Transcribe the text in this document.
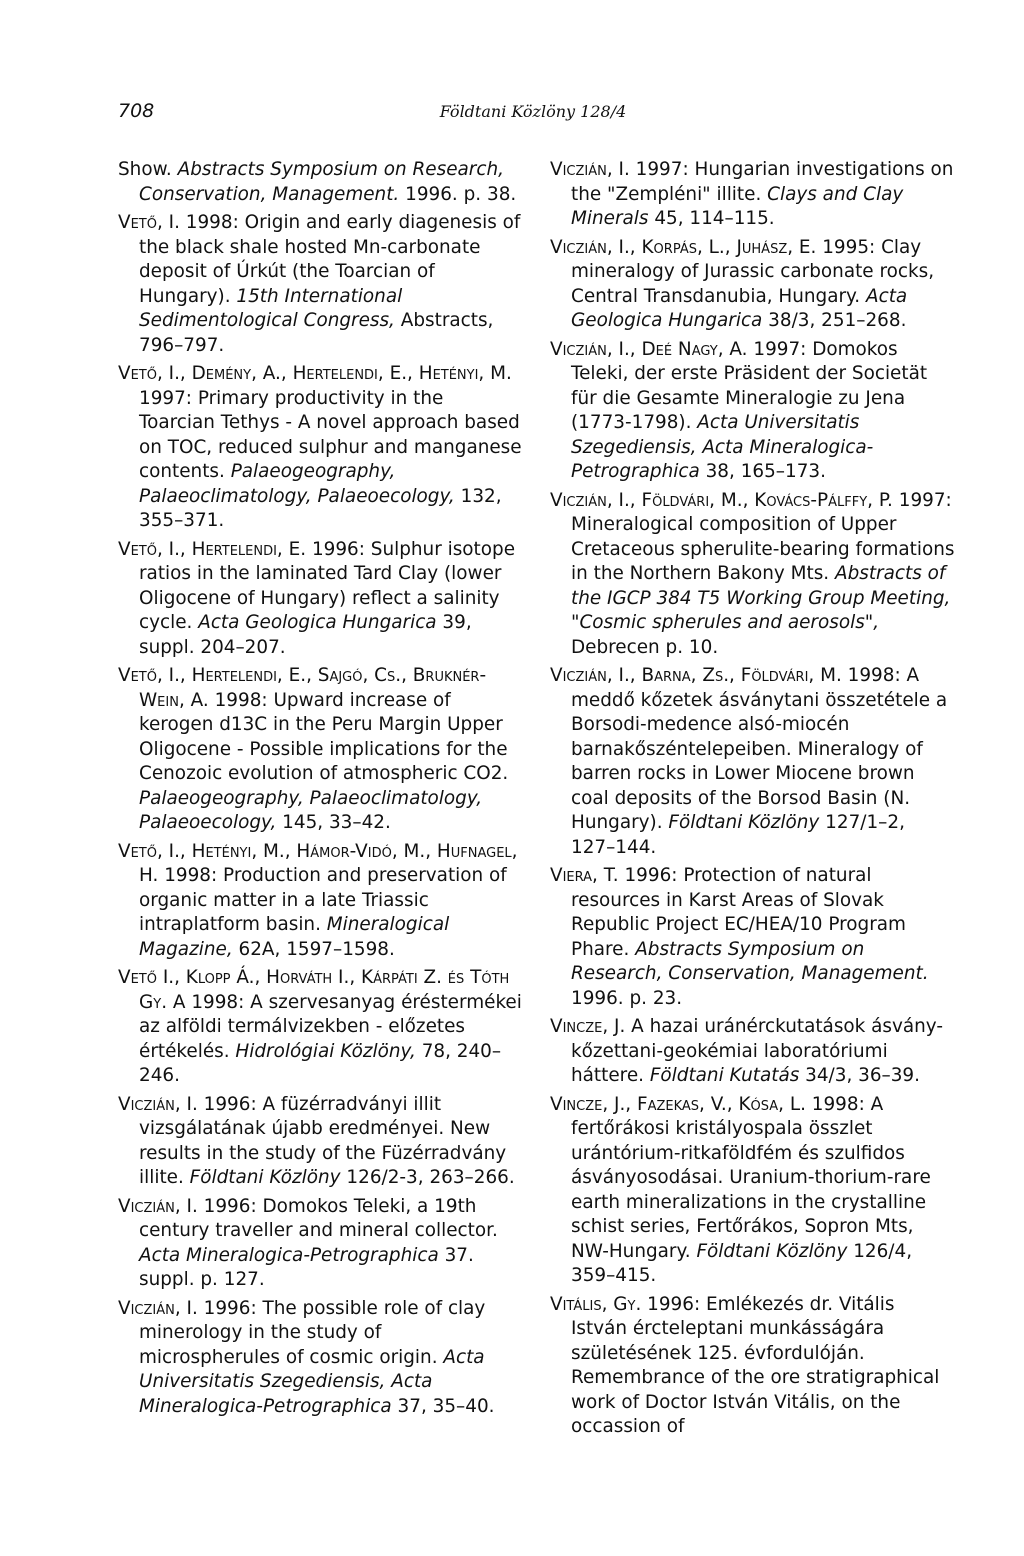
708	Földtani Közlöny 128/4

Show. Abstracts Symposium on Research, Conservation, Management. 1996. p. 38.

Vető, I. 1998: Origin and early diagenesis of the black shale hosted Mn-carbonate deposit of Úrkút (the Toarcian of Hungary). 15th International Sedimentological Congress, Abstracts, 796–797.

Vető, I., Demény, A., Hertelendi, E., Hetényi, M. 1997: Primary productivity in the Toarcian Tethys - A novel approach based on TOC, reduced sulphur and manganese contents. Palaeogeography, Palaeoclimatology, Palaeoecology, 132, 355–371.

Vető, I., Hertelendi, E. 1996: Sulphur isotope ratios in the laminated Tard Clay (lower Oligocene of Hungary) reflect a salinity cycle. Acta Geologica Hungarica 39, suppl. 204–207.

Vető, I., Hertelendi, E., Sajgó, Cs., Bruknér-Wein, A. 1998: Upward increase of kerogen d13C in the Peru Margin Upper Oligocene - Possible implications for the Cenozoic evolution of atmospheric CO2. Palaeogeography, Palaeoclimatology, Palaeoecology, 145, 33–42.

Vető, I., Hetényi, M., Hámor-Vidó, M., Hufnagel, H. 1998: Production and preservation of organic matter in a late Triassic intraplatform basin. Mineralogical Magazine, 62A, 1597–1598.

Vető I., Klopp Á., Horváth I., Kárpáti Z. és Tóth Gy. A 1998: A szervesanyag éréstermékei az alföldi termálvizekben - előzetes értékelés. Hidrológiai Közlöny, 78, 240–246.

Viczián, I. 1996: A füzérradványi illit vizsgálatának újabb eredményei. New results in the study of the Füzérradvány illite. Földtani Közlöny 126/2-3, 263–266.

Viczián, I. 1996: Domokos Teleki, a 19th century traveller and mineral collector. Acta Mineralogica-Petrographica 37. suppl. p. 127.

Viczián, I. 1996: The possible role of clay minerology in the study of microspherules of cosmic origin. Acta Universitatis Szegediensis, Acta Mineralogica-Petrographica 37, 35–40.

Viczián, I. 1997: Hungarian investigations on the "Zempléni" illite. Clays and Clay Minerals 45, 114–115.

Viczián, I., Korpás, L., Juhász, E. 1995: Clay mineralogy of Jurassic carbonate rocks, Central Transdanubia, Hungary. Acta Geologica Hungarica 38/3, 251–268.

Viczián, I., Deé Nagy, A. 1997: Domokos Teleki, der erste Präsident der Societät für die Gesamte Mineralogie zu Jena (1773-1798). Acta Universitatis Szegediensis, Acta Mineralogica-Petrographica 38, 165–173.

Viczián, I., Földvári, M., Kovács-Pálffy, P. 1997: Mineralogical composition of Upper Cretaceous spherulite-bearing formations in the Northern Bakony Mts. Abstracts of the IGCP 384 T5 Working Group Meeting, "Cosmic spherules and aerosols", Debrecen p. 10.

Viczián, I., Barna, Zs., Földvári, M. 1998: A meddő kőzetek ásványtani összetétele a Borsodi-medence alsó-miocén barnakőszéntelepeiben. Mineralogy of barren rocks in Lower Miocene brown coal deposits of the Borsod Basin (N. Hungary). Földtani Közlöny 127/1–2, 127–144.

Viera, T. 1996: Protection of natural resources in Karst Areas of Slovak Republic Project EC/HEA/10 Program Phare. Abstracts Symposium on Research, Conservation, Management. 1996. p. 23.

Vincze, J. A hazai uránérckutatások ásvány-kőzettani-geokémiai laboratóriumi háttere. Földtani Kutatás 34/3, 36–39.

Vincze, J., Fazekas, V., Kósa, L. 1998: A fertőrákosi kristályospala összlet urántórium-ritkaföldfém és szulfidos ásványosodásai. Uranium-thorium-rare earth mineralizations in the crystalline schist series, Fertőrákos, Sopron Mts, NW-Hungary. Földtani Közlöny 126/4, 359–415.

Vitális, Gy. 1996: Emlékezés dr. Vitális István ércteleptani munkásságára születésének 125. évfordulóján. Remembrance of the ore stratigraphical work of Doctor István Vitális, on the occassion of
